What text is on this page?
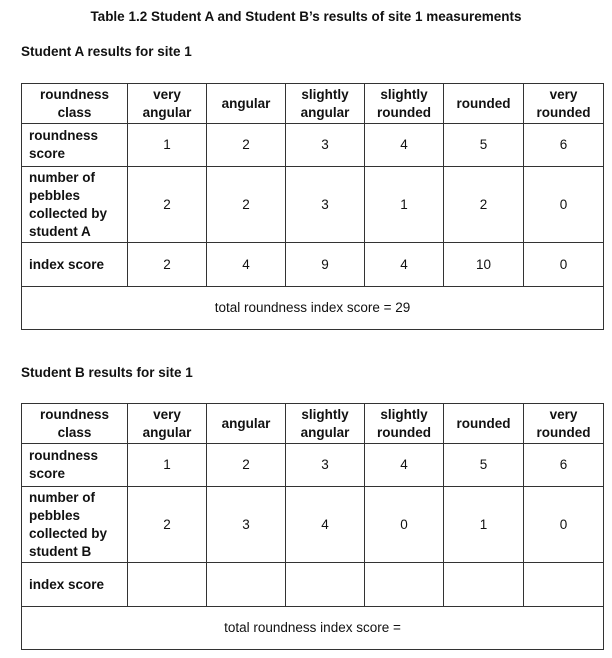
Table 1.2 Student A and Student B’s results of site 1 measurements
Student A results for site 1
roundness class	very angular	angular	slightly angular	slightly rounded	rounded	very rounded
roundness score	1	2	3	4	5	6
number of pebbles collected by student A	2	2	3	1	2	0
index score	2	4	9	4	10	0
total roundness index score = 29						
Student B results for site 1
roundness class	very angular	angular	slightly angular	slightly rounded	rounded	very rounded
roundness score	1	2	3	4	5	6
number of pebbles collected by student B	2	3	4	0	1	0
index score						
total roundness index score =						
